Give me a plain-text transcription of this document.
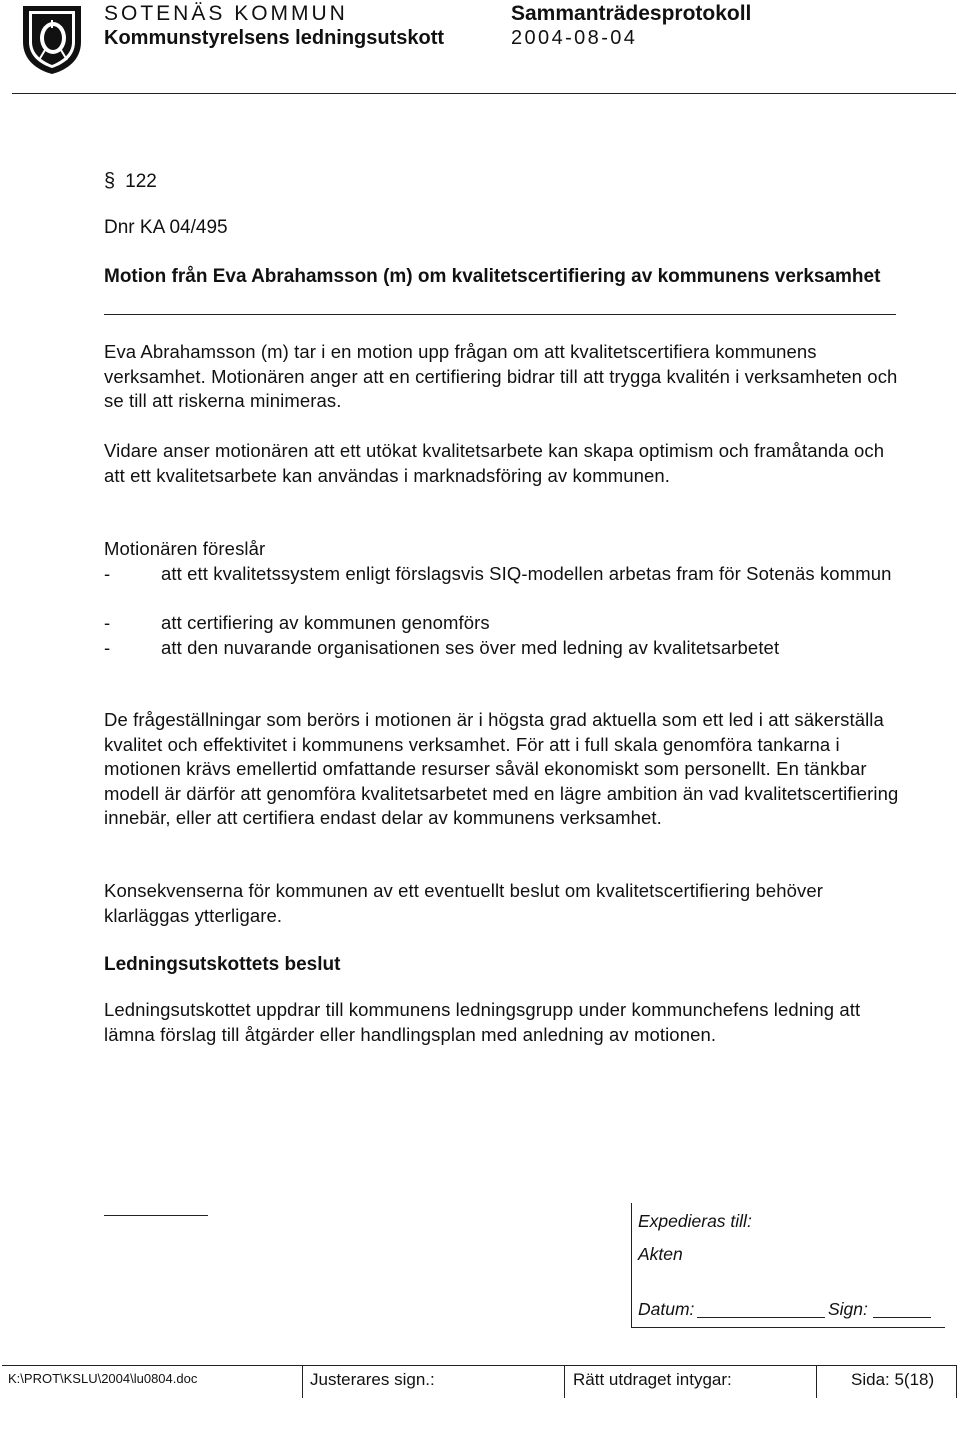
SOTENÄS KOMMUN
Kommunstyrelsens ledningsutskott
Sammanträdesprotokoll
2004-08-04
§ 122
Dnr KA 04/495
Motion från Eva Abrahamsson (m) om kvalitetscertifiering av kommunens verksamhet
Eva Abrahamsson (m) tar i en motion upp frågan om att kvalitetscertifiera kommunens verksamhet. Motionären anger att en certifiering bidrar till att trygga kvalitén i verksamheten och se till att riskerna minimeras.
Vidare anser motionären att ett utökat kvalitetsarbete kan skapa optimism och framåtanda och att ett kvalitetsarbete kan användas i marknadsföring av kommunen.
Motionären föreslår
-	att ett kvalitetssystem enligt förslagsvis SIQ-modellen arbetas fram för Sotenäs kommun
-	att certifiering av kommunen genomförs
-	att den nuvarande organisationen ses över med ledning av kvalitetsarbetet
De frågeställningar som berörs i motionen är i högsta grad aktuella som ett led i att säkerställa kvalitet och effektivitet i kommunens verksamhet. För att i full skala genomföra tankarna i motionen krävs emellertid omfattande resurser såväl ekonomiskt som personellt. En tänkbar modell är därför att genomföra kvalitetsarbetet med en lägre ambition än vad kvalitetscertifiering innebär, eller att certifiera endast delar av kommunens verksamhet.
Konsekvenserna för kommunen av ett eventuellt beslut om kvalitetscertifiering behöver klarläggas ytterligare.
Ledningsutskottets beslut
Ledningsutskottet uppdrar till kommunens ledningsgrupp under kommunchefens ledning att lämna förslag till åtgärder eller handlingsplan med anledning av motionen.
Expedieras till:
Akten
Datum:	Sign:
K:\PROT\KSLU\2004\lu0804.doc	Justerares sign.:	Rätt utdraget intygar:	Sida: 5(18)
